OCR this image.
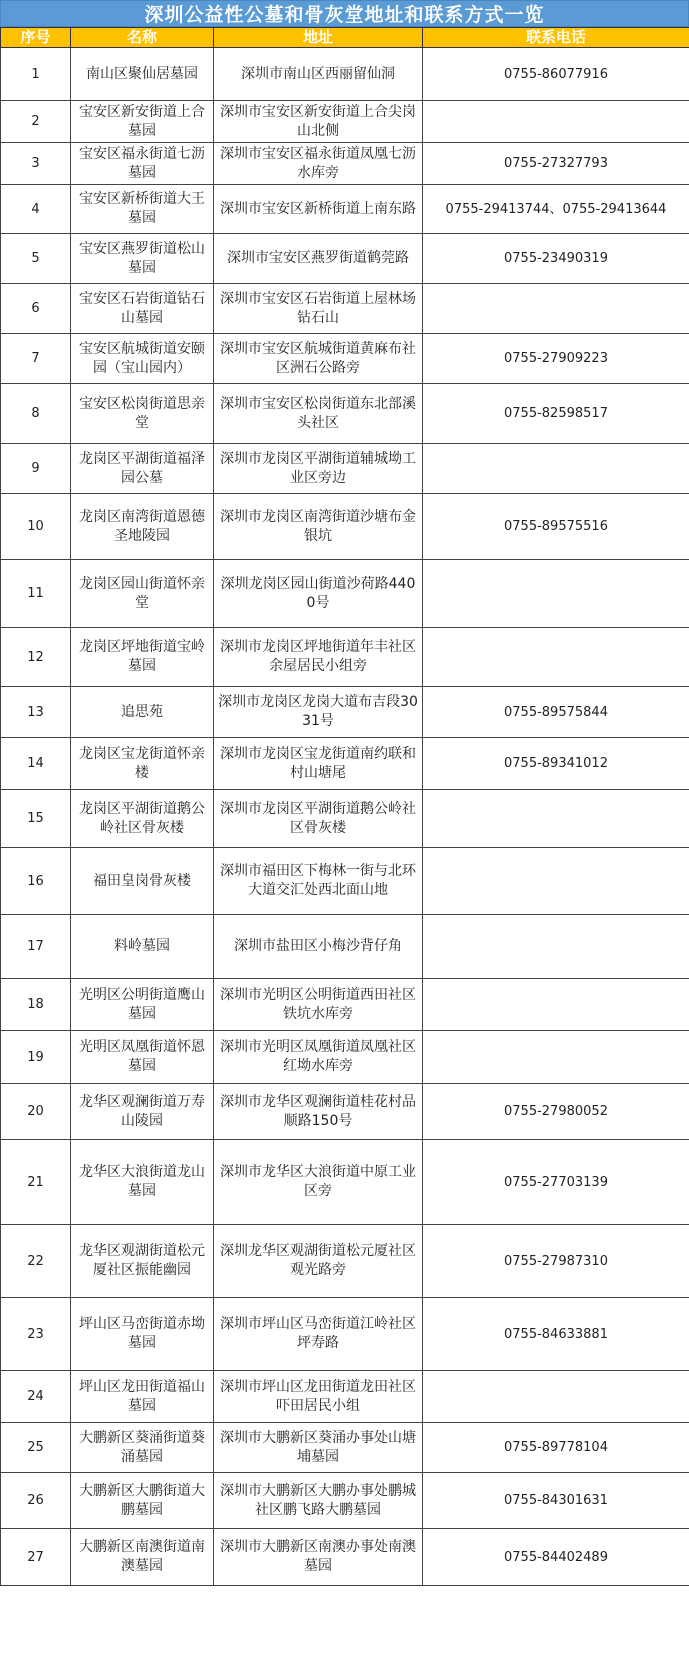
深圳公益性公墓和骨灰堂地址和联系方式一览
序号	名称	地址	联系电话
1	南山区聚仙居墓园	深圳市南山区西丽留仙洞	0755-86077916
2	宝安区新安街道上合墓园	深圳市宝安区新安街道上合尖岗山北侧	
3	宝安区福永街道七沥墓园	深圳市宝安区福永街道凤凰七沥水库旁	0755-27327793
4	宝安区新桥街道大王墓园	深圳市宝安区新桥街道上南东路	0755-29413744、0755-29413644
5	宝安区燕罗街道松山墓园	深圳市宝安区燕罗街道鹤莞路	0755-23490319
6	宝安区石岩街道钻石山墓园	深圳市宝安区石岩街道上屋林场钻石山	
7	宝安区航城街道安颐园（宝山园内）	深圳市宝安区航城街道黄麻布社区洲石公路旁	0755-27909223
8	宝安区松岗街道思亲堂	深圳市宝安区松岗街道东北部溪头社区	0755-82598517
9	龙岗区平湖街道福泽园公墓	深圳市龙岗区平湖街道辅城坳工业区旁边	
10	龙岗区南湾街道恩德圣地陵园	深圳市龙岗区南湾街道沙塘布金银坑	0755-89575516
11	龙岗区园山街道怀亲堂	深圳龙岗区园山街道沙荷路4400号	
12	龙岗区坪地街道宝岭墓园	深圳市龙岗区坪地街道年丰社区余屋居民小组旁	
13	追思苑	深圳市龙岗区龙岗大道布吉段3031号	0755-89575844
14	龙岗区宝龙街道怀亲楼	深圳市龙岗区宝龙街道南约联和村山塘尾	0755-89341012
15	龙岗区平湖街道鹅公岭社区骨灰楼	深圳市龙岗区平湖街道鹅公岭社区骨灰楼	
16	福田皇岗骨灰楼	深圳市福田区下梅林一街与北环大道交汇处西北面山地	
17	料岭墓园	深圳市盐田区小梅沙背仔角	
18	光明区公明街道鹰山墓园	深圳市光明区公明街道西田社区铁坑水库旁	
19	光明区凤凰街道怀恩墓园	深圳市光明区凤凰街道凤凰社区红坳水库旁	
20	龙华区观澜街道万寿山陵园	深圳市龙华区观澜街道桂花村品顺路150号	0755-27980052
21	龙华区大浪街道龙山墓园	深圳市龙华区大浪街道中原工业区旁	0755-27703139
22	龙华区观湖街道松元厦社区振能幽园	深圳龙华区观湖街道松元厦社区观光路旁	0755-27987310
23	坪山区马峦街道赤坳墓园	深圳市坪山区马峦街道江岭社区坪寿路	0755-84633881
24	坪山区龙田街道福山墓园	深圳市坪山区龙田街道龙田社区吓田居民小组	
25	大鹏新区葵涌街道葵涌墓园	深圳市大鹏新区葵涌办事处山塘埔墓园	0755-89778104
26	大鹏新区大鹏街道大鹏墓园	深圳市大鹏新区大鹏办事处鹏城社区鹏飞路大鹏墓园	0755-84301631
27	大鹏新区南澳街道南澳墓园	深圳市大鹏新区南澳办事处南澳墓园	0755-84402489
